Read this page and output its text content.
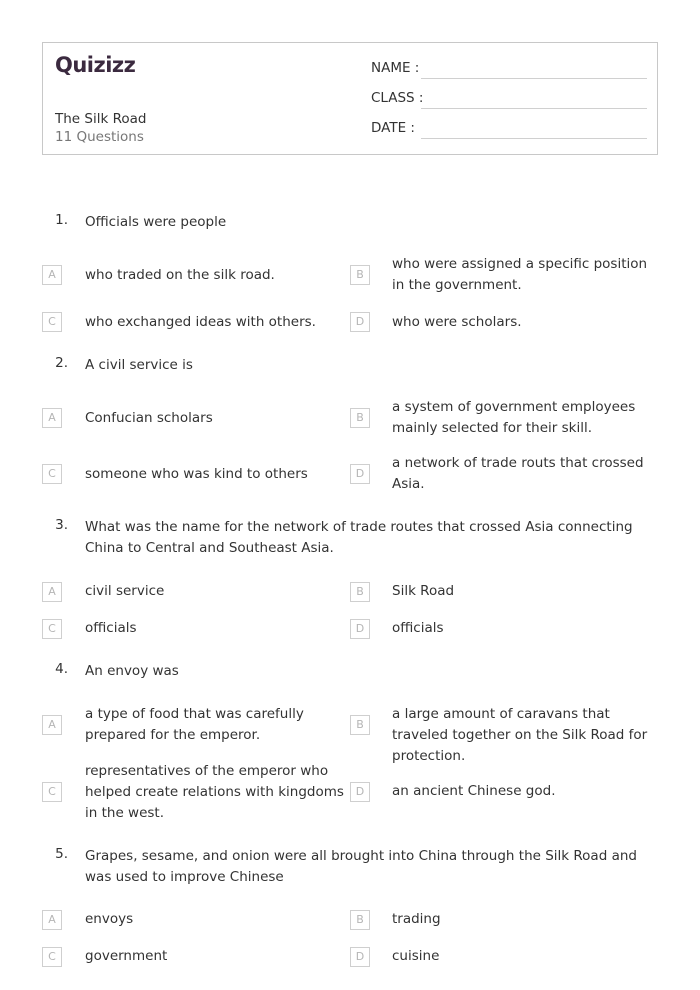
Quizizz
The Silk Road
11 Questions
NAME :
CLASS :
DATE :
1. Officials were people
A	who traded on the silk road.	B
who were assigned a specific position in the government.
C	who exchanged ideas with others.	D	who were scholars.
2. A civil service is
A	Confucian scholars	B
a system of government employees mainly selected for their skill.
C	someone who was kind to others	D
a network of trade routs that crossed Asia.
3. What was the name for the network of trade routes that crossed Asia connecting China to Central and Southeast Asia.
A	civil service	B	Silk Road
C	officials	D	officials
4. An envoy was
A
a type of food that was carefully prepared for the emperor.
B
a large amount of caravans that traveled together on the Silk Road for protection.
C
representatives of the emperor who helped create relations with kingdoms in the west.
D	an ancient Chinese god.
5. Grapes, sesame, and onion were all brought into China through the Silk Road and was used to improve Chinese
A	envoys	B	trading
C	government	D	cuisine
